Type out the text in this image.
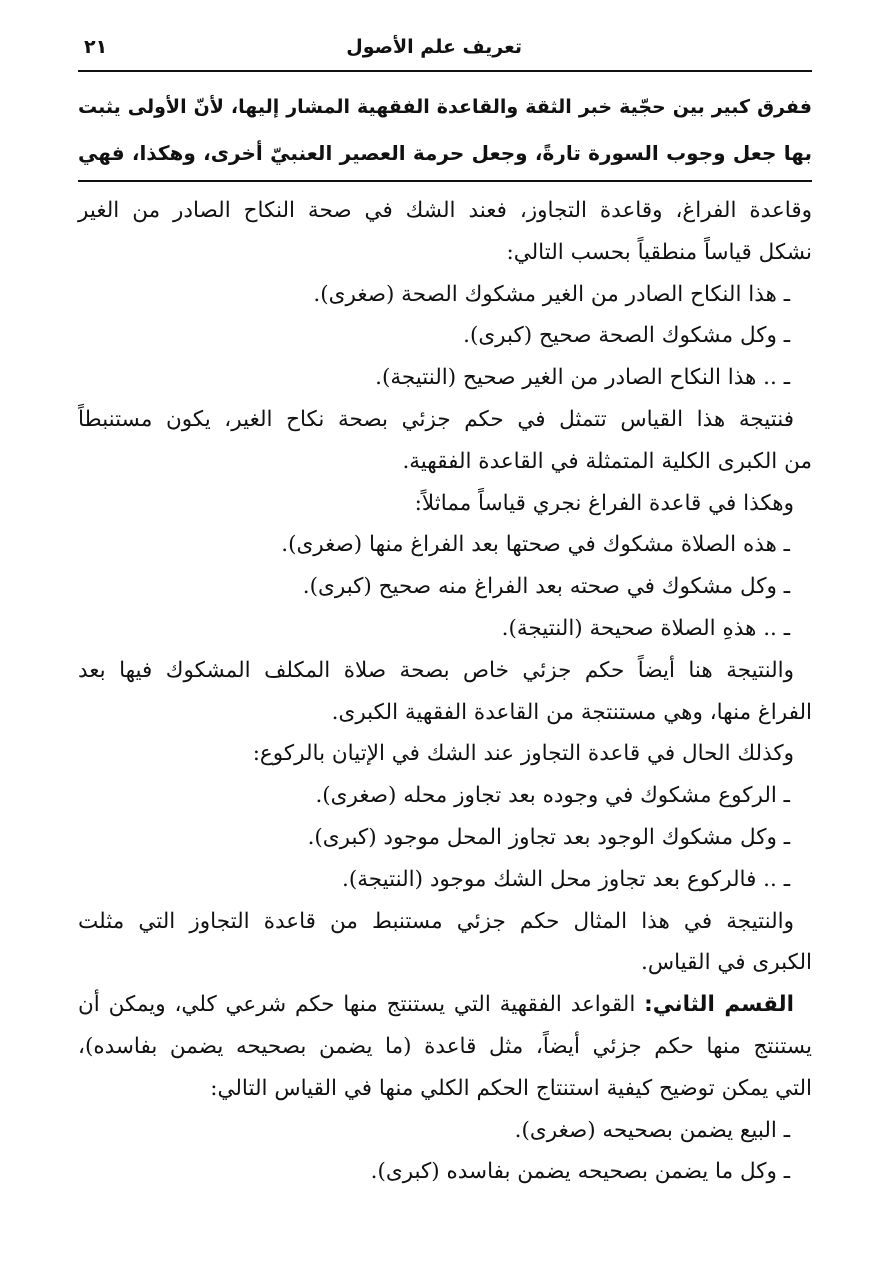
تعريف علم الأصول
٢١
ففرق كبير بين حجّية خبر الثقة والقاعدة الفقهية المشار إليها، لأنّ الأولى يثبت
بها جعل وجوب السورة تارةً، وجعل حرمة العصير العنبيّ أخرى، وهكذا، فهي
وقاعدة الفراغ، وقاعدة التجاوز، فعند الشك في صحة النكاح الصادر من الغير
نشكل قياساً منطقياً بحسب التالي:
ـ هذا النكاح الصادر من الغير مشكوك الصحة (صغرى).
ـ وكل مشكوك الصحة صحيح (كبرى).
ـ .. هذا النكاح الصادر من الغير صحيح (النتيجة).
فنتيجة هذا القياس تتمثل في حكم جزئي بصحة نكاح الغير، يكون مستنبطاً
من الكبرى الكلية المتمثلة في القاعدة الفقهية.
وهكذا في قاعدة الفراغ نجري قياساً مماثلاً:
ـ هذه الصلاة مشكوك في صحتها بعد الفراغ منها (صغرى).
ـ وكل مشكوك في صحته بعد الفراغ منه صحيح (كبرى).
ـ .. هذهِ الصلاة صحيحة (النتيجة).
والنتيجة هنا أيضاً حكم جزئي خاص بصحة صلاة المكلف المشكوك فيها بعد
الفراغ منها، وهي مستنتجة من القاعدة الفقهية الكبرى.
وكذلك الحال في قاعدة التجاوز عند الشك في الإتيان بالركوع:
ـ الركوع مشكوك في وجوده بعد تجاوز محله (صغرى).
ـ وكل مشكوك الوجود بعد تجاوز المحل موجود (كبرى).
ـ .. فالركوع بعد تجاوز محل الشك موجود (النتيجة).
والنتيجة في هذا المثال حكم جزئي مستنبط من قاعدة التجاوز التي مثلت
الكبرى في القياس.
القسم الثاني: القواعد الفقهية التي يستنتج منها حكم شرعي كلي، ويمكن أن
يستنتج منها حكم جزئي أيضاً، مثل قاعدة (ما يضمن بصحيحه يضمن بفاسده)،
التي يمكن توضيح كيفية استنتاج الحكم الكلي منها في القياس التالي:
ـ البيع يضمن بصحيحه (صغرى).
ـ وكل ما يضمن بصحيحه يضمن بفاسده (كبرى).
